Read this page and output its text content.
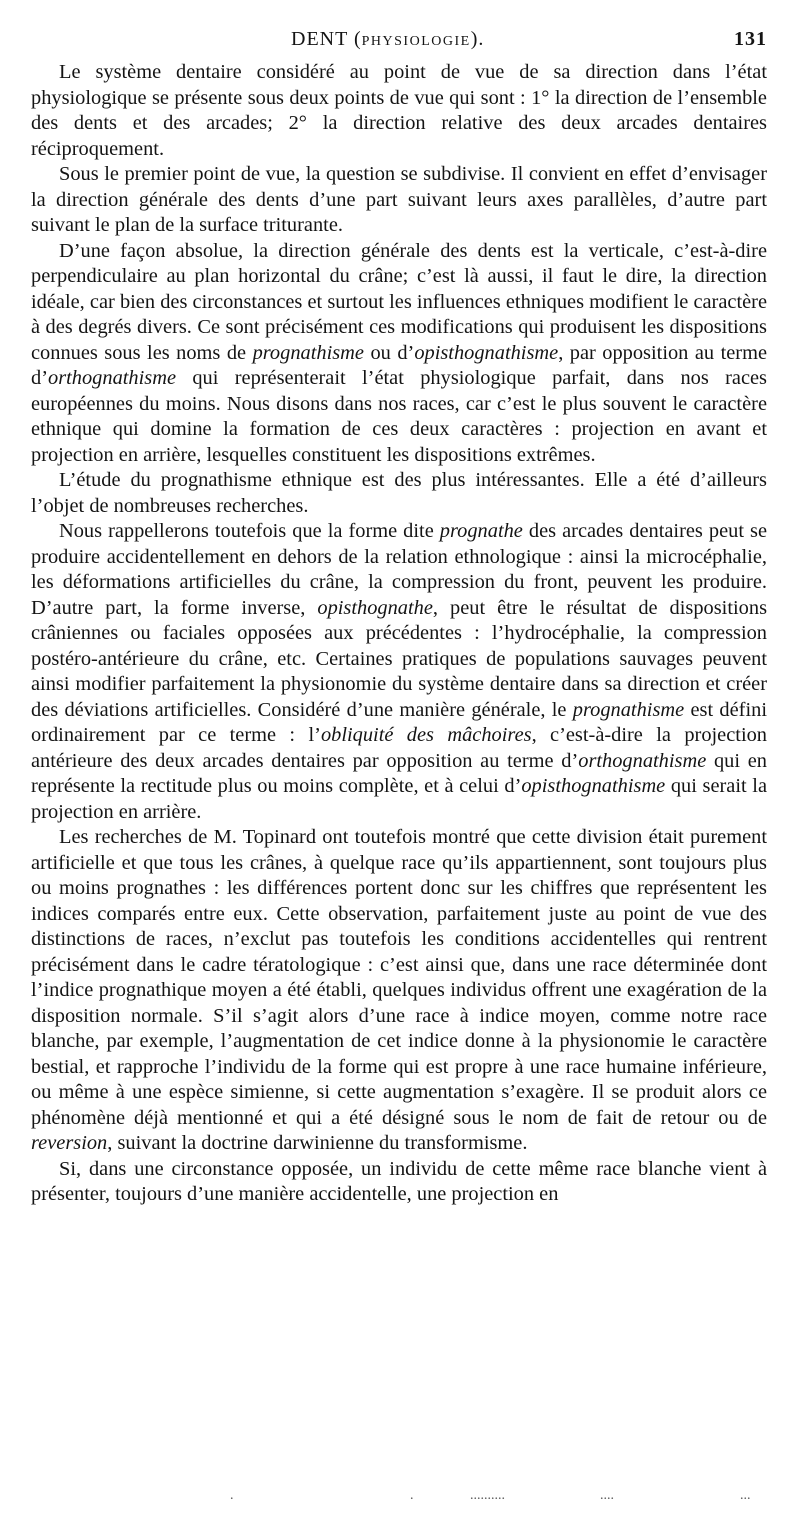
DENT (PHYSIOLOGIE).	131

Le système dentaire considéré au point de vue de sa direction dans l’état physiologique se présente sous deux points de vue qui sont : 1° la direction de l’ensemble des dents et des arcades; 2° la direction relative des deux arcades dentaires réciproquement.

Sous le premier point de vue, la question se subdivise. Il convient en effet d’envisager la direction générale des dents d’une part suivant leurs axes parallèles, d’autre part suivant le plan de la surface triturante.

D’une façon absolue, la direction générale des dents est la verticale, c’est-à-dire perpendiculaire au plan horizontal du crâne; c’est là aussi, il faut le dire, la direction idéale, car bien des circonstances et surtout les influences ethniques modifient le caractère à des degrés divers. Ce sont précisément ces modifications qui produisent les dispositions connues sous les noms de prognathisme ou d’opisthognathisme, par opposition au terme d’orthognathisme qui représenterait l’état physiologique parfait, dans nos races européennes du moins. Nous disons dans nos races, car c’est le plus souvent le caractère ethnique qui domine la formation de ces deux caractères : projection en avant et projection en arrière, lesquelles constituent les dispositions extrêmes.

L’étude du prognathisme ethnique est des plus intéressantes. Elle a été d’ailleurs l’objet de nombreuses recherches.

Nous rappellerons toutefois que la forme dite prognathe des arcades dentaires peut se produire accidentellement en dehors de la relation ethnologique : ainsi la microcéphalie, les déformations artificielles du crâne, la compression du front, peuvent les produire. D’autre part, la forme inverse, opisthognathe, peut être le résultat de dispositions crâniennes ou faciales opposées aux précédentes : l’hydrocéphalie, la compression postéro-antérieure du crâne, etc. Certaines pratiques de populations sauvages peuvent ainsi modifier parfaitement la physionomie du système dentaire dans sa direction et créer des déviations artificielles. Considéré d’une manière générale, le prognathisme est défini ordinairement par ce terme : l’obliquité des mâchoires, c’est-à-dire la projection antérieure des deux arcades dentaires par opposition au terme d’orthognathisme qui en représente la rectitude plus ou moins complète, et à celui d’opisthognathisme qui serait la projection en arrière.

Les recherches de M. Topinard ont toutefois montré que cette division était purement artificielle et que tous les crânes, à quelque race qu’ils appartiennent, sont toujours plus ou moins prognathes : les différences portent donc sur les chiffres que représentent les indices comparés entre eux. Cette observation, parfaitement juste au point de vue des distinctions de races, n’exclut pas toutefois les conditions accidentelles qui rentrent précisément dans le cadre tératologique : c’est ainsi que, dans une race déterminée dont l’indice prognathique moyen a été établi, quelques individus offrent une exagération de la disposition normale. S’il s’agit alors d’une race à indice moyen, comme notre race blanche, par exemple, l’augmentation de cet indice donne à la physionomie le caractère bestial, et rapproche l’individu de la forme qui est propre à une race humaine inférieure, ou même à une espèce simienne, si cette augmentation s’exagère. Il se produit alors ce phénomène déjà mentionné et qui a été désigné sous le nom de fait de retour ou de reversion, suivant la doctrine darwinienne du transformisme.

Si, dans une circonstance opposée, un individu de cette même race blanche vient à présenter, toujours d’une manière accidentelle, une projection en

.	.	..........	....	...
